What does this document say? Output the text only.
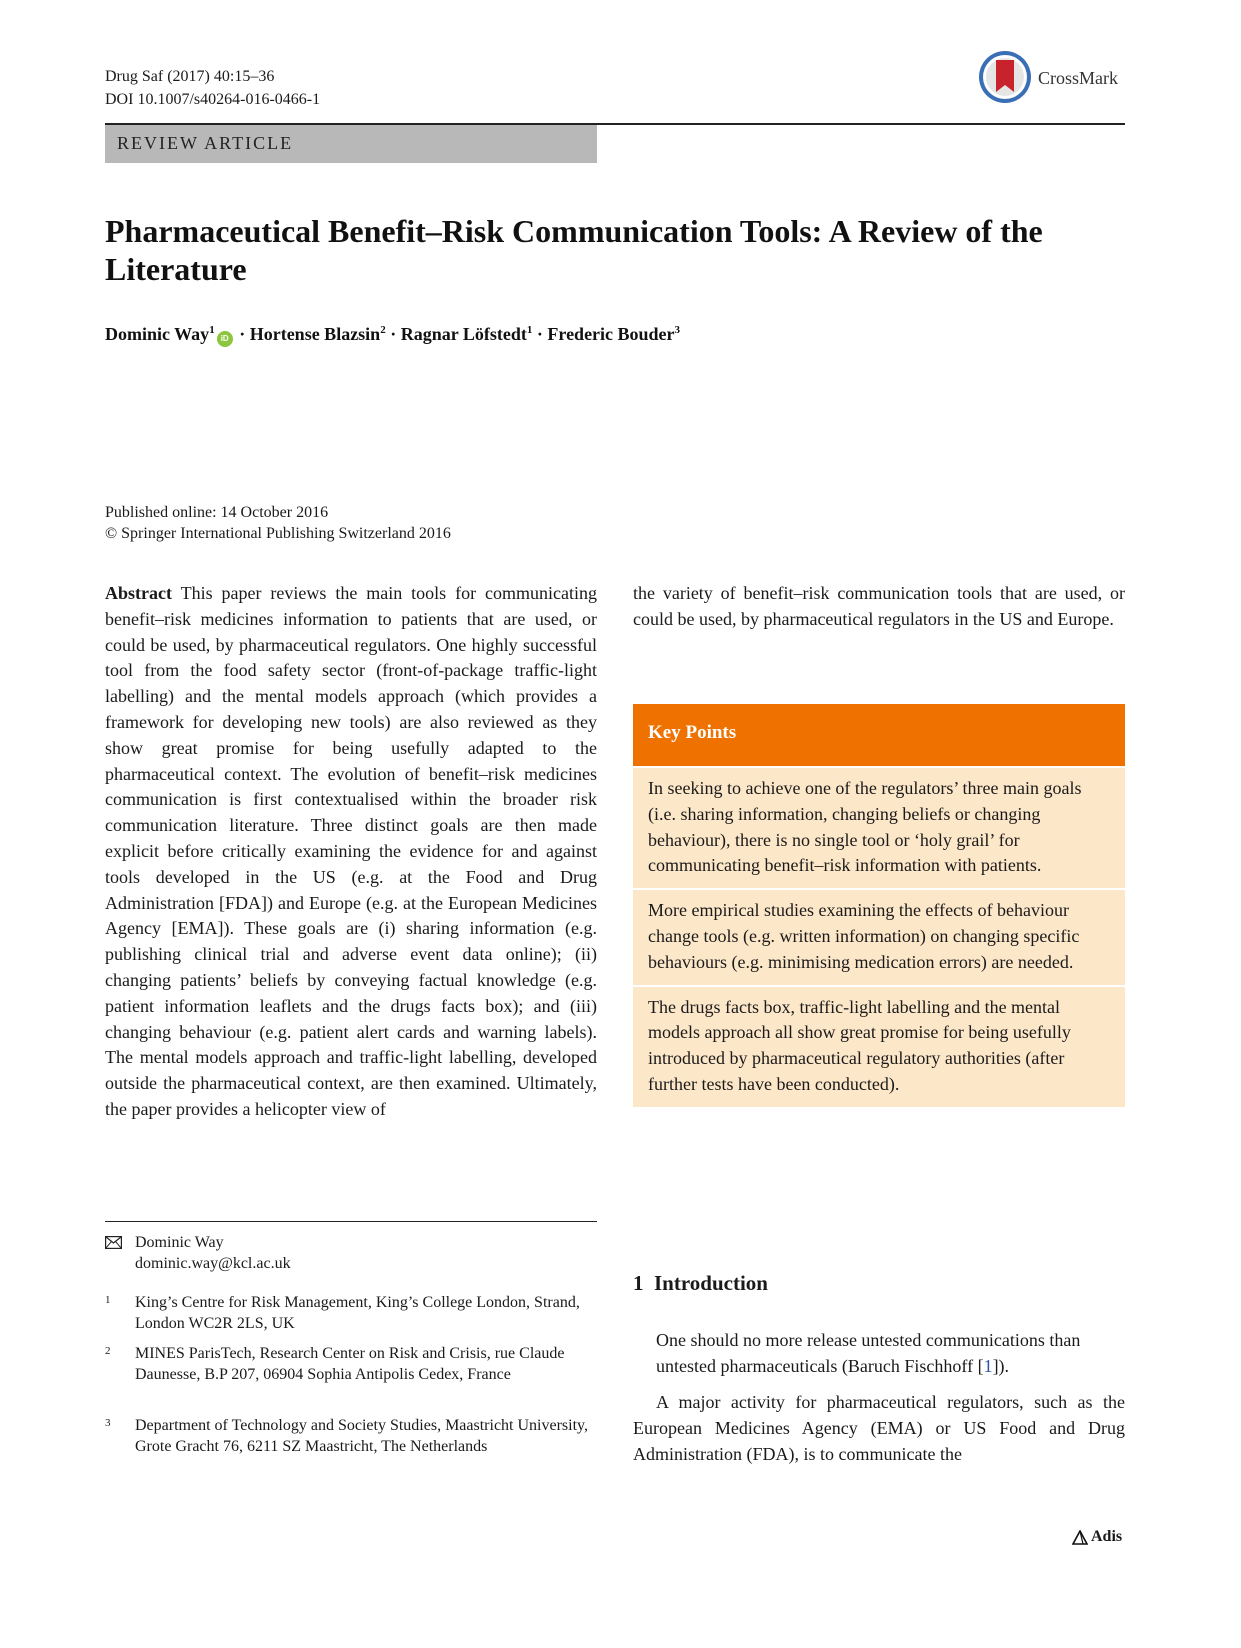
Drug Saf (2017) 40:15–36
DOI 10.1007/s40264-016-0466-1
CrossMark
REVIEW ARTICLE
Pharmaceutical Benefit–Risk Communication Tools: A Review of the Literature
Dominic Way$^1$iD · Hortense Blazsin$^2$ · Ragnar Löfstedt$^1$ · Frederic Bouder$^3$
Published online: 14 October 2016
© Springer International Publishing Switzerland 2016

Abstract This paper reviews the main tools for communicating benefit–risk medicines information to patients that are used, or could be used, by pharmaceutical regulators. One highly successful tool from the food safety sector (front-of-package traffic-light labelling) and the mental models approach (which provides a framework for developing new tools) are also reviewed as they show great promise for being usefully adapted to the pharmaceutical context. The evolution of benefit–risk medicines communication is first contextualised within the broader risk communication literature. Three distinct goals are then made explicit before critically examining the evidence for and against tools developed in the US (e.g. at the Food and Drug Administration [FDA]) and Europe (e.g. at the European Medicines Agency [EMA]). These goals are (i) sharing information (e.g. publishing clinical trial and adverse event data online); (ii) changing patients’ beliefs by conveying factual knowledge (e.g. patient information leaflets and the drugs facts box); and (iii) changing behaviour (e.g. patient alert cards and warning labels). The mental models approach and traffic-light labelling, developed outside the pharmaceutical context, are then examined. Ultimately, the paper provides a helicopter view of

the variety of benefit–risk communication tools that are used, or could be used, by pharmaceutical regulators in the US and Europe.

Key Points
In seeking to achieve one of the regulators’ three main goals (i.e. sharing information, changing beliefs or changing behaviour), there is no single tool or ‘holy grail’ for communicating benefit–risk information with patients.
More empirical studies examining the effects of behaviour change tools (e.g. written information) on changing specific behaviours (e.g. minimising medication errors) are needed.
The drugs facts box, traffic-light labelling and the mental models approach all show great promise for being usefully introduced by pharmaceutical regulatory authorities (after further tests have been conducted).
Dominic Way
dominic.way@kcl.ac.uk
1 King’s Centre for Risk Management, King’s College London, Strand, London WC2R 2LS, UK
2 MINES ParisTech, Research Center on Risk and Crisis, rue Claude Daunesse, B.P 207, 06904 Sophia Antipolis Cedex, France
3 Department of Technology and Society Studies, Maastricht University, Grote Gracht 76, 6211 SZ Maastricht, The Netherlands
1  Introduction

One should no more release untested communications than untested pharmaceuticals (Baruch Fischhoff [1]).

A major activity for pharmaceutical regulators, such as the European Medicines Agency (EMA) or US Food and Drug Administration (FDA), is to communicate the

Adis
